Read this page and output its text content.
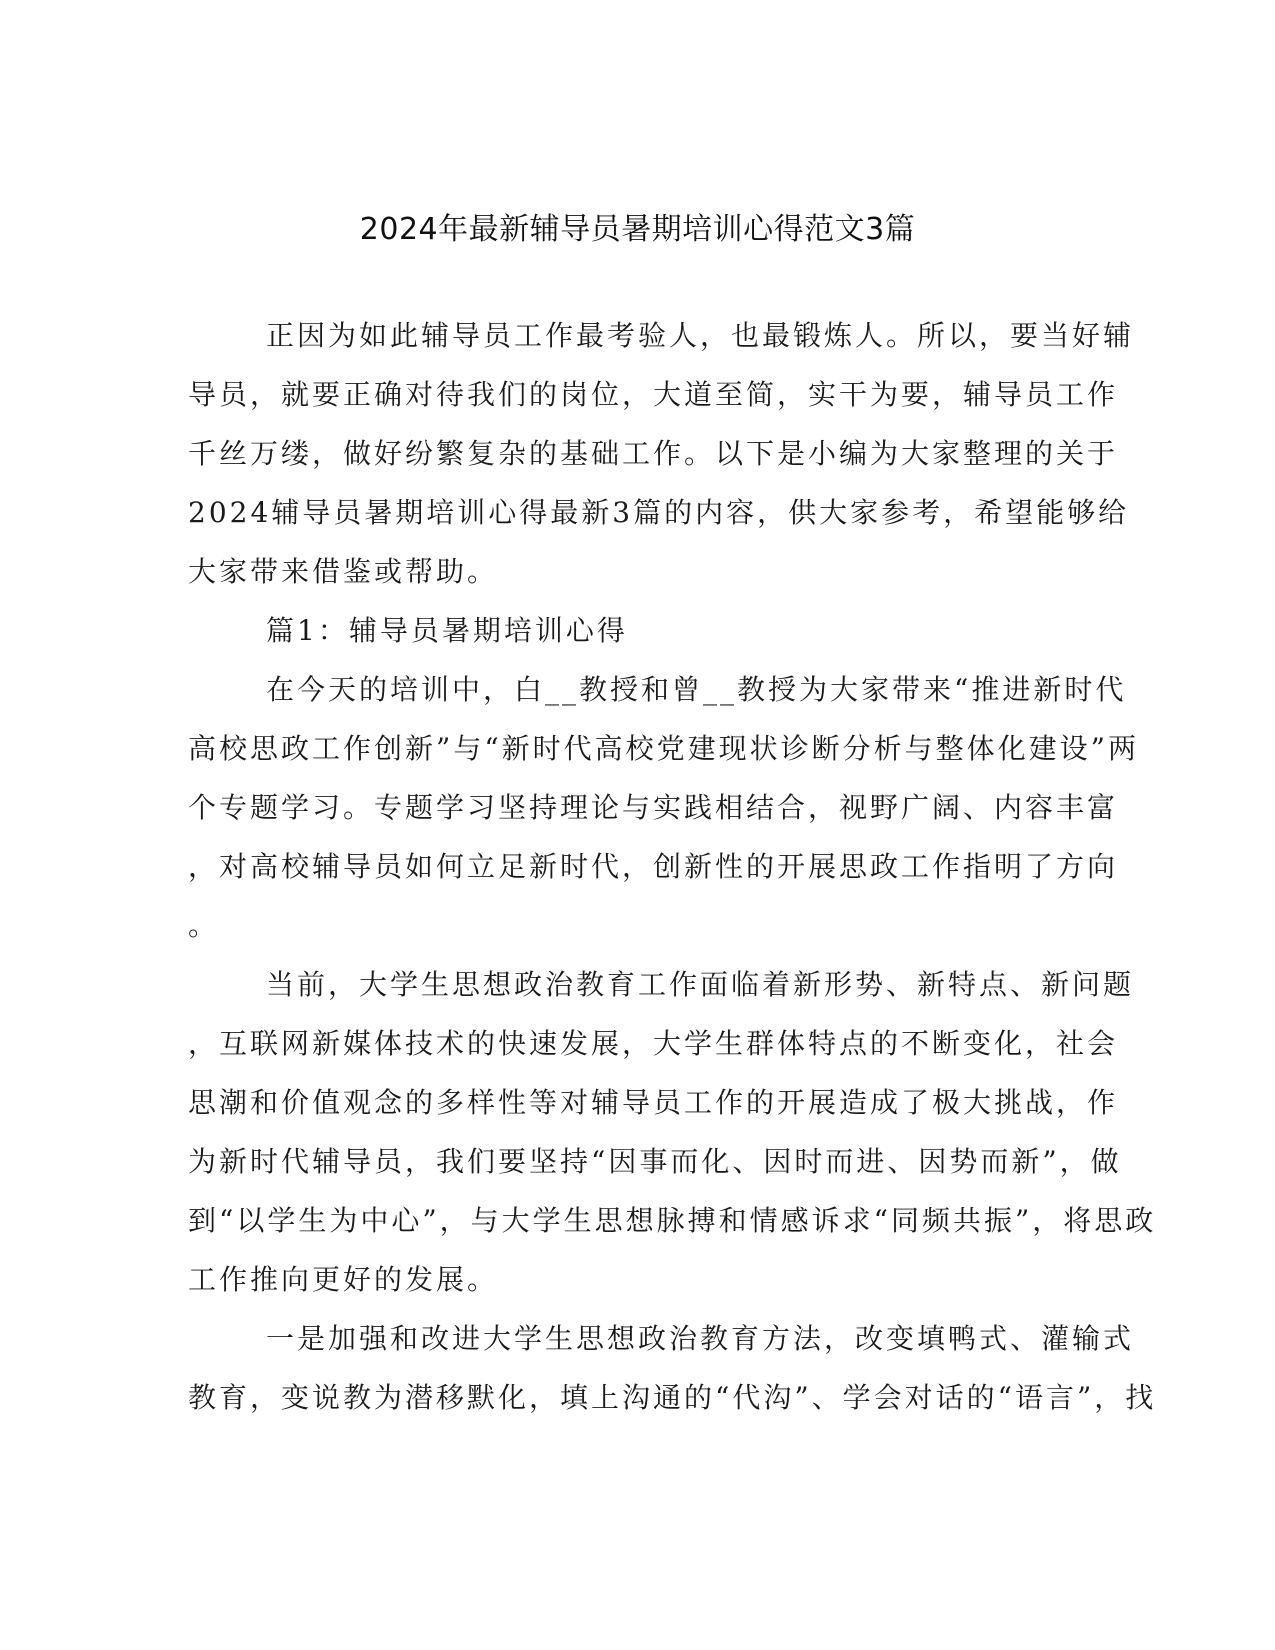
2024年最新辅导员暑期培训心得范文3篇
正因为如此辅导员工作最考验人，也最锻炼人。所以，要当好辅
导员，就要正确对待我们的岗位，大道至简，实干为要，辅导员工作
千丝万缕，做好纷繁复杂的基础工作。以下是小编为大家整理的关于
2024辅导员暑期培训心得最新3篇的内容，供大家参考，希望能够给
大家带来借鉴或帮助。
篇1：辅导员暑期培训心得
在今天的培训中，白__教授和曾__教授为大家带来“推进新时代
高校思政工作创新”与“新时代高校党建现状诊断分析与整体化建设”两
个专题学习。专题学习坚持理论与实践相结合，视野广阔、内容丰富
，对高校辅导员如何立足新时代，创新性的开展思政工作指明了方向
。
当前，大学生思想政治教育工作面临着新形势、新特点、新问题
，互联网新媒体技术的快速发展，大学生群体特点的不断变化，社会
思潮和价值观念的多样性等对辅导员工作的开展造成了极大挑战，作
为新时代辅导员，我们要坚持“因事而化、因时而进、因势而新”，做
到“以学生为中心”，与大学生思想脉搏和情感诉求“同频共振”，将思政
工作推向更好的发展。
一是加强和改进大学生思想政治教育方法，改变填鸭式、灌输式
教育，变说教为潜移默化，填上沟通的“代沟”、学会对话的“语言”，找
